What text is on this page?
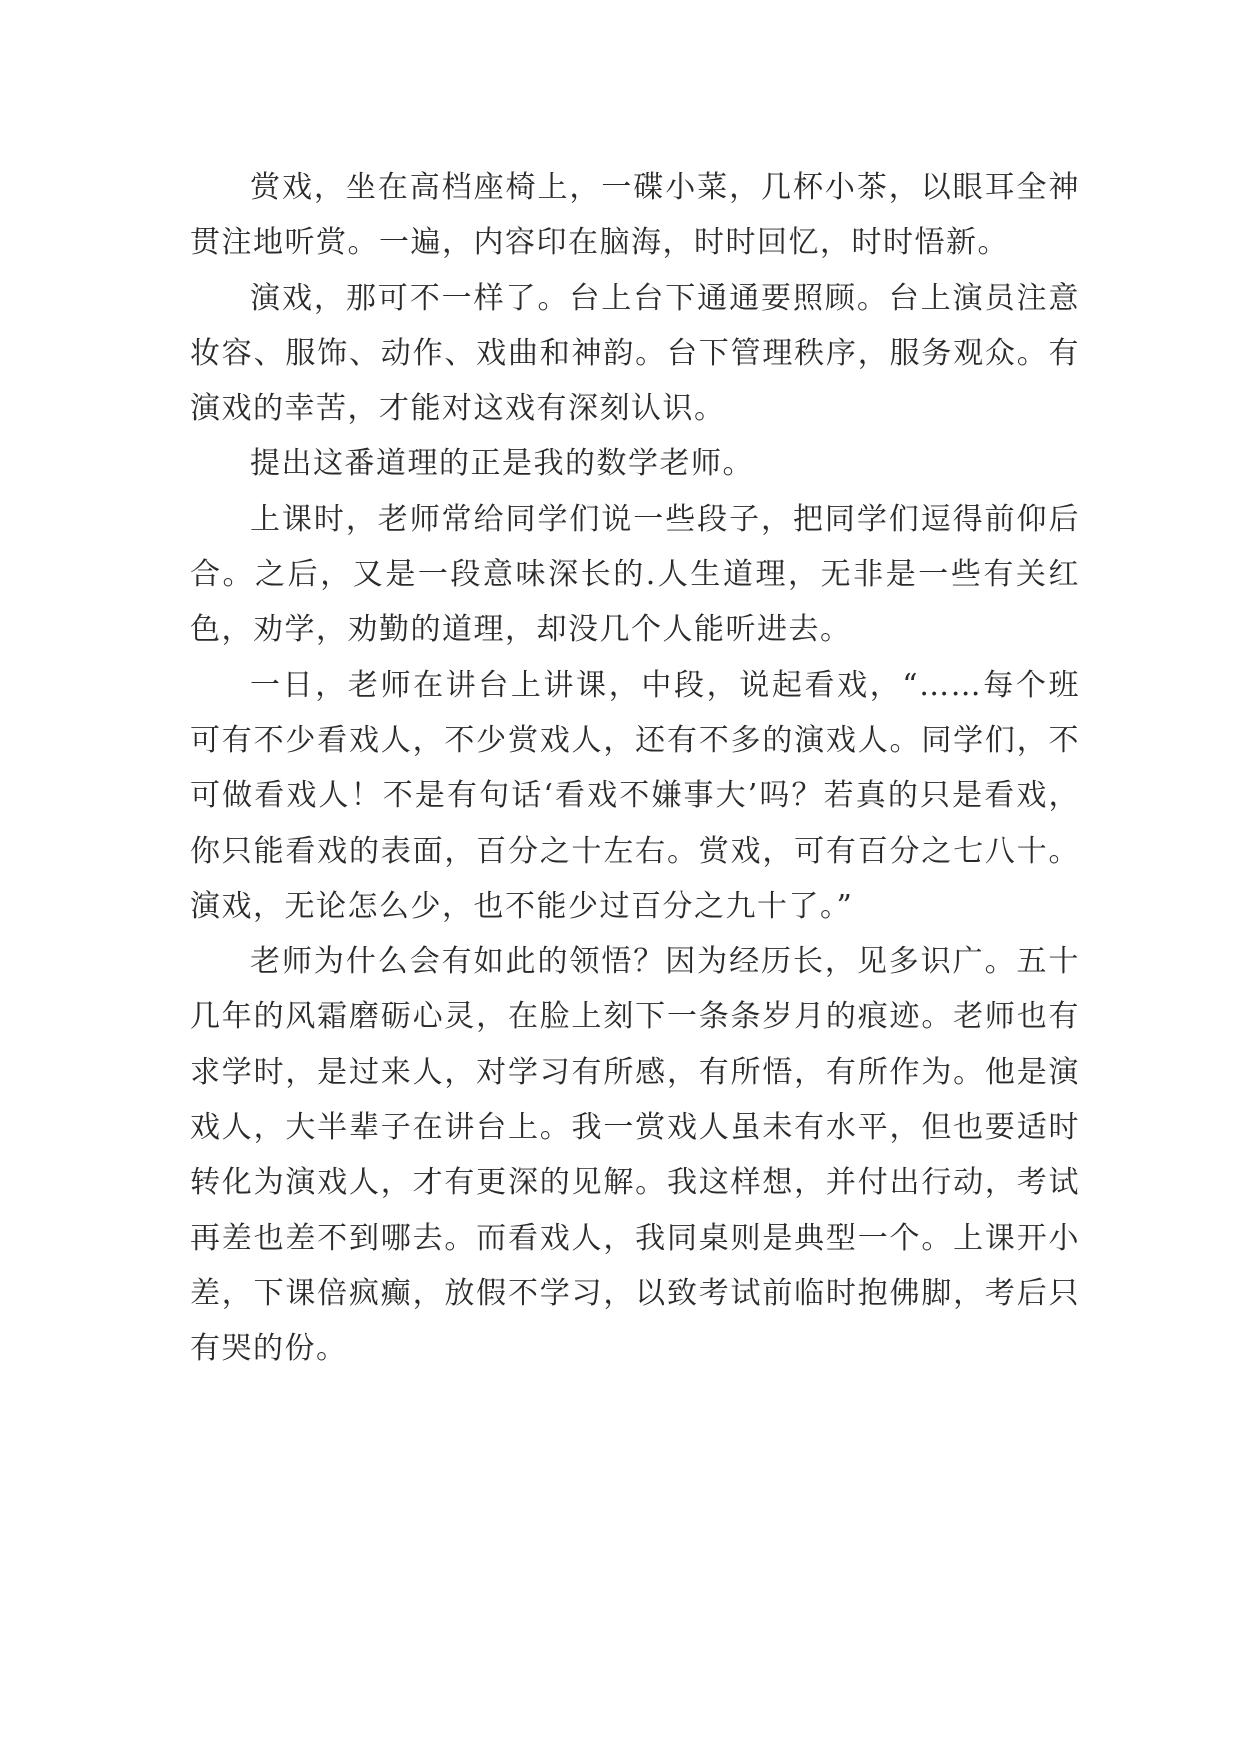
赏戏，坐在高档座椅上，一碟小菜，几杯小茶，以眼耳全神贯注地听赏。一遍，内容印在脑海，时时回忆，时时悟新。

演戏，那可不一样了。台上台下通通要照顾。台上演员注意妆容、服饰、动作、戏曲和神韵。台下管理秩序，服务观众。有演戏的幸苦，才能对这戏有深刻认识。

提出这番道理的正是我的数学老师。

上课时，老师常给同学们说一些段子，把同学们逗得前仰后合。之后，又是一段意味深长的.人生道理，无非是一些有关红色，劝学，劝勤的道理，却没几个人能听进去。

一日，老师在讲台上讲课，中段，说起看戏，“……每个班可有不少看戏人，不少赏戏人，还有不多的演戏人。同学们，不可做看戏人！不是有句话‘看戏不嫌事大’吗？若真的只是看戏，你只能看戏的表面，百分之十左右。赏戏，可有百分之七八十。演戏，无论怎么少，也不能少过百分之九十了。”

老师为什么会有如此的领悟？因为经历长，见多识广。五十几年的风霜磨砺心灵，在脸上刻下一条条岁月的痕迹。老师也有求学时，是过来人，对学习有所感，有所悟，有所作为。他是演戏人，大半辈子在讲台上。我一赏戏人虽未有水平，但也要适时转化为演戏人，才有更深的见解。我这样想，并付出行动，考试再差也差不到哪去。而看戏人，我同桌则是典型一个。上课开小差，下课倍疯癫，放假不学习，以致考试前临时抱佛脚，考后只有哭的份。
